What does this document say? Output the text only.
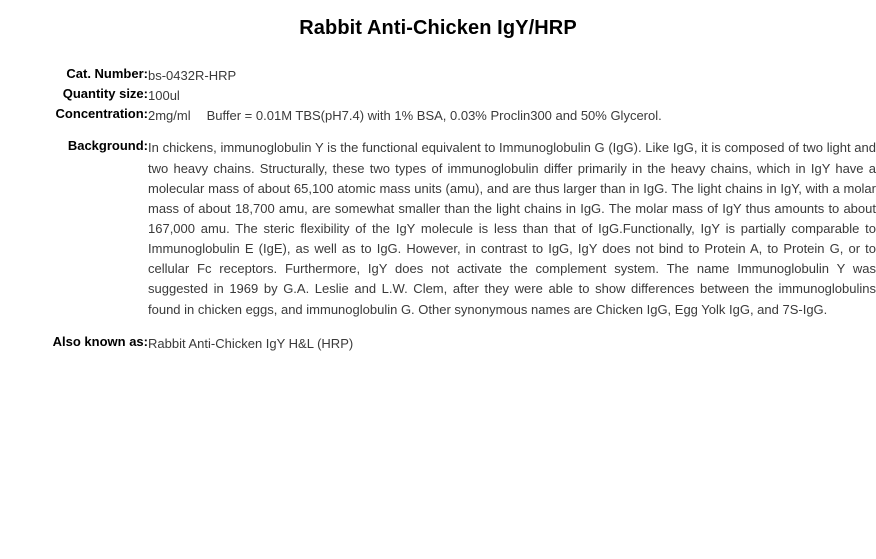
Rabbit Anti-Chicken IgY/HRP
Cat. Number:	bs-0432R-HRP
Quantity size:	100ul
Concentration:	2mg/ml Buffer = 0.01M TBS(pH7.4) with 1% BSA, 0.03% Proclin300 and 50% Glycerol.
Background:	In chickens, immunoglobulin Y is the functional equivalent to Immunoglobulin G (IgG). Like IgG, it is composed of two light and two heavy chains. Structurally, these two types of immunoglobulin differ primarily in the heavy chains, which in IgY have a molecular mass of about 65,100 atomic mass units (amu), and are thus larger than in IgG. The light chains in IgY, with a molar mass of about 18,700 amu, are somewhat smaller than the light chains in IgG. The molar mass of IgY thus amounts to about 167,000 amu. The steric flexibility of the IgY molecule is less than that of IgG.Functionally, IgY is partially comparable to Immunoglobulin E (IgE), as well as to IgG. However, in contrast to IgG, IgY does not bind to Protein A, to Protein G, or to cellular Fc receptors. Furthermore, IgY does not activate the complement system. The name Immunoglobulin Y was suggested in 1969 by G.A. Leslie and L.W. Clem, after they were able to show differences between the immunoglobulins found in chicken eggs, and immunoglobulin G. Other synonymous names are Chicken IgG, Egg Yolk IgG, and 7S-IgG.
Also known as:	Rabbit Anti-Chicken IgY H&L (HRP)
